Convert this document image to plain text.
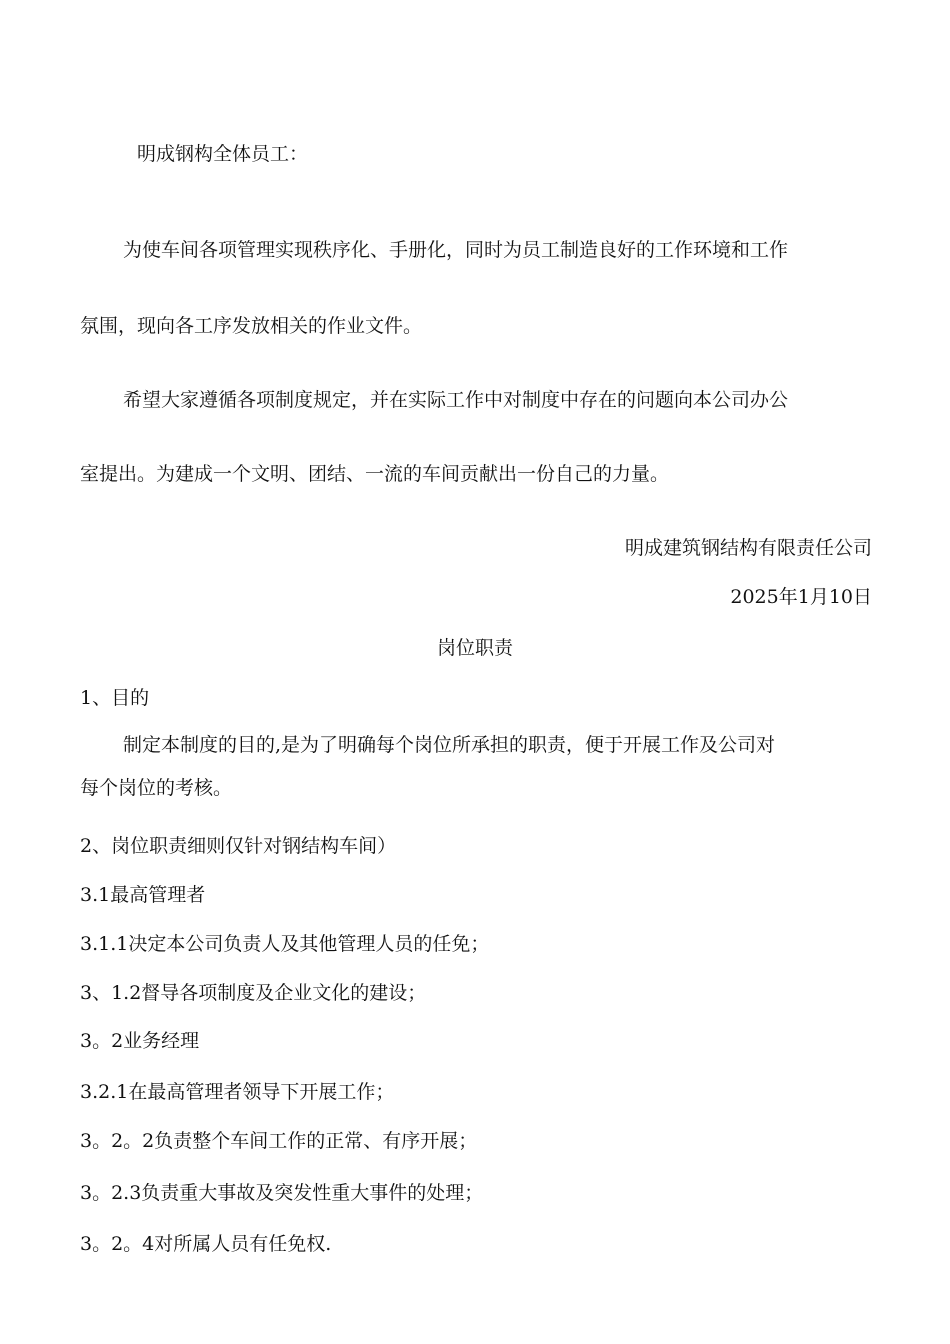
明成钢构全体员工：
为使车间各项管理实现秩序化、手册化，同时为员工制造良好的工作环境和工作
氛围，现向各工序发放相关的作业文件。
希望大家遵循各项制度规定，并在实际工作中对制度中存在的问题向本公司办公
室提出。为建成一个文明、团结、一流的车间贡献出一份自己的力量。
明成建筑钢结构有限责任公司
2025年1月10日
岗位职责
1、目的
制定本制度的目的,是为了明确每个岗位所承担的职责，便于开展工作及公司对
每个岗位的考核。
2、岗位职责细则仅针对钢结构车间）
3.1最高管理者
3.1.1决定本公司负责人及其他管理人员的任免；
3、1.2督导各项制度及企业文化的建设；
3。2业务经理
3.2.1在最高管理者领导下开展工作；
3。2。2负责整个车间工作的正常、有序开展；
3。2.3负责重大事故及突发性重大事件的处理；
3。2。4对所属人员有任免权.
